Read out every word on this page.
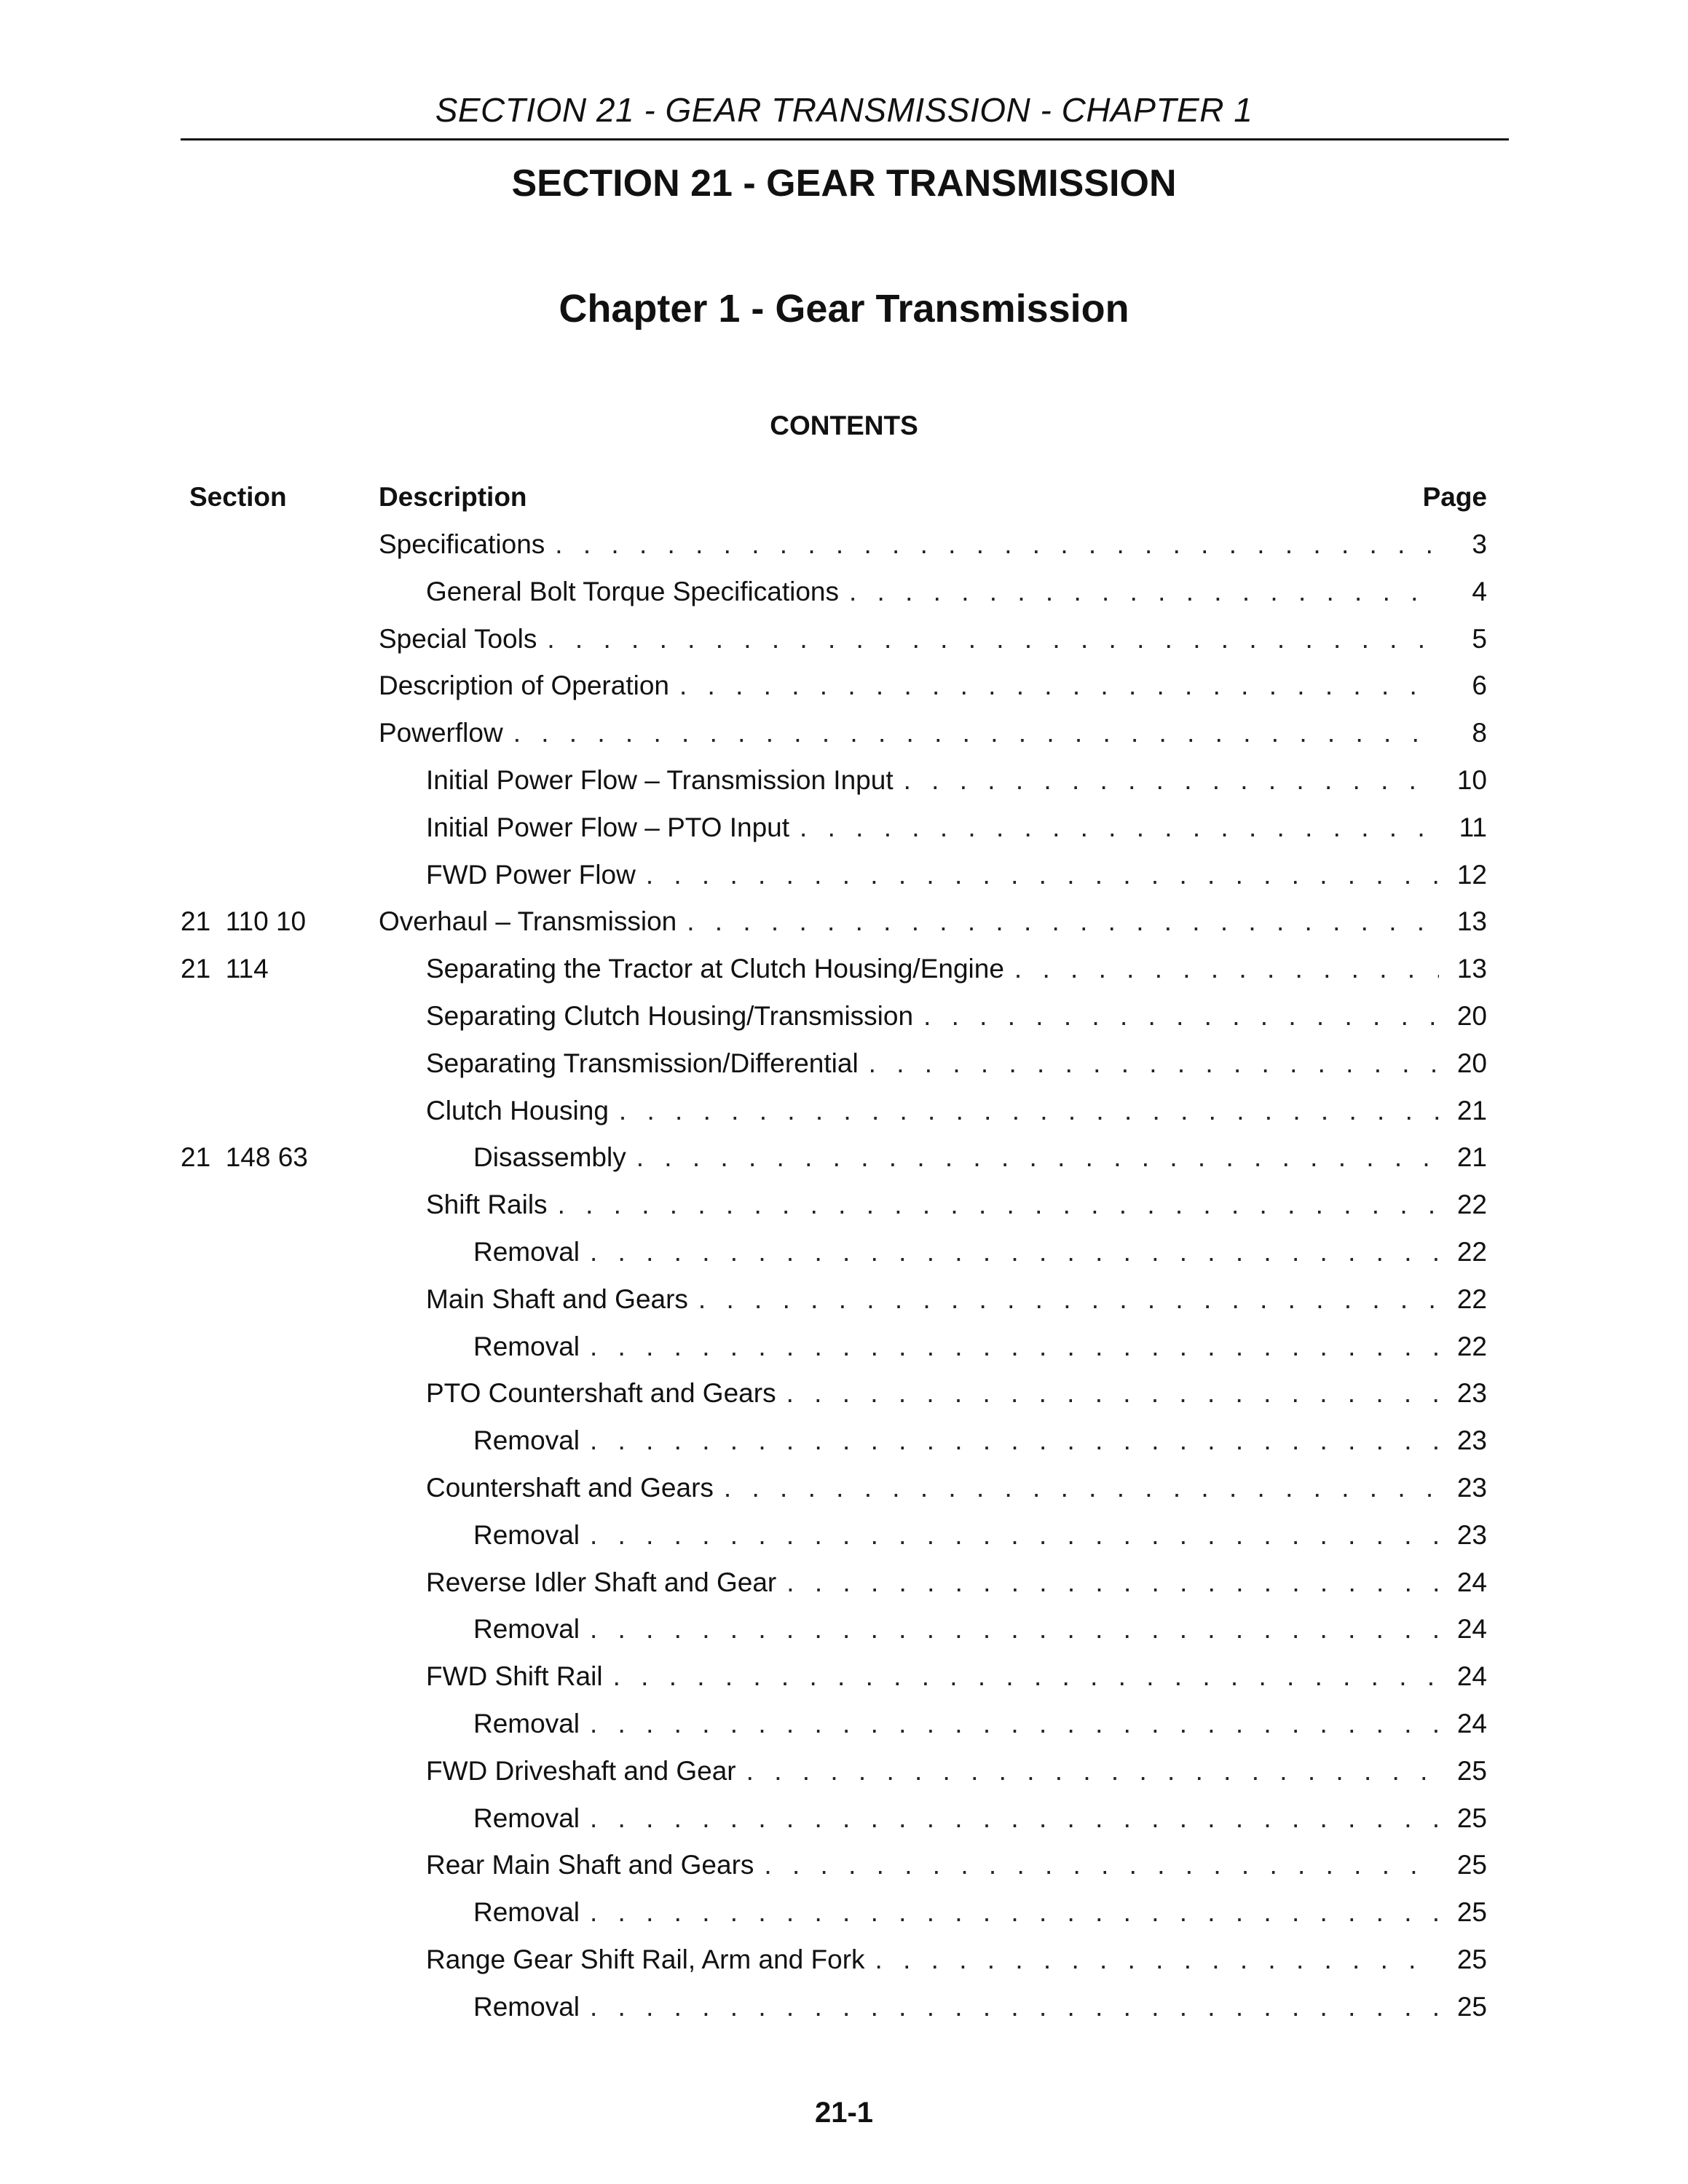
SECTION 21 - GEAR TRANSMISSION - CHAPTER 1
SECTION 21 - GEAR TRANSMISSION
Chapter 1 - Gear Transmission
CONTENTS
Section	Description	Page
Specifications . . .	3
General Bolt Torque Specifications . . .	4
Special Tools . . .	5
Description of Operation . . .	6
Powerflow . . .	8
Initial Power Flow – Transmission Input . . .	10
Initial Power Flow – PTO Input . . .	11
FWD Power Flow . . .	12
21  110 10	Overhaul – Transmission . . .	13
21  114	Separating the Tractor at Clutch Housing/Engine . . .	13
Separating Clutch Housing/Transmission . . .	20
Separating Transmission/Differential . . .	20
Clutch Housing . . .	21
21  148 63	Disassembly . . .	21
Shift Rails . . .	22
Removal . . .	22
Main Shaft and Gears . . .	22
Removal . . .	22
PTO Countershaft and Gears . . .	23
Removal . . .	23
Countershaft and Gears . . .	23
Removal . . .	23
Reverse Idler Shaft and Gear . . .	24
Removal . . .	24
FWD Shift Rail . . .	24
Removal . . .	24
FWD Driveshaft and Gear . . .	25
Removal . . .	25
Rear Main Shaft and Gears . . .	25
Removal . . .	25
Range Gear Shift Rail, Arm and Fork . . .	25
Removal . . .	25
21-1
